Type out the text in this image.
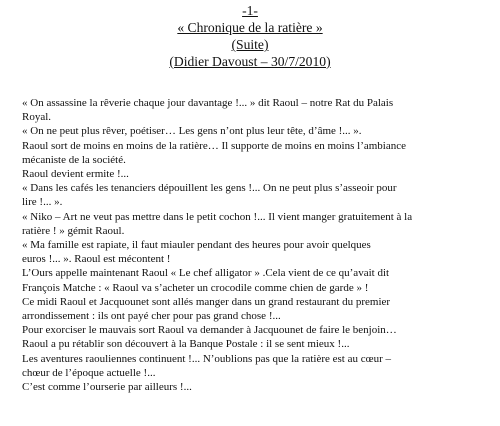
-1-
« Chronique de la ratière »
(Suite)
(Didier Davoust – 30/7/2010)

« On assassine la rêverie chaque jour davantage !... » dit Raoul – notre Rat du Palais

Royal.

« On ne peut plus rêver, poétiser… Les gens n’ont plus leur tête, d’âme !... ».

Raoul sort de moins en moins de la ratière… Il supporte de moins en moins l’ambiance

mécaniste de la société.

Raoul devient ermite !...

« Dans les cafés les tenanciers dépouillent les gens !... On ne peut plus s’asseoir pour

lire !... ».

« Niko – Art ne veut pas mettre dans le petit cochon !... Il vient manger gratuitement à la

ratière ! » gémit Raoul.

« Ma famille est rapiate, il faut miauler pendant des heures pour avoir quelques

euros !... ». Raoul est mécontent !

L’Ours appelle maintenant Raoul « Le chef alligator » .Cela vient de ce qu’avait dit

François Matche : « Raoul va s’acheter un crocodile comme chien de garde » !

Ce midi Raoul et Jacquounet sont allés manger dans un grand restaurant du premier

arrondissement : ils ont payé cher pour pas grand chose !...

Pour exorciser le mauvais sort Raoul va demander à Jacquounet de faire le benjoin…

Raoul a pu rétablir son découvert à la Banque Postale : il se sent mieux !...

Les aventures raouliennes continuent !... N’oublions pas que la ratière est au cœur –

chœur de l’époque actuelle !...

C’est comme l’ourserie par ailleurs !...
